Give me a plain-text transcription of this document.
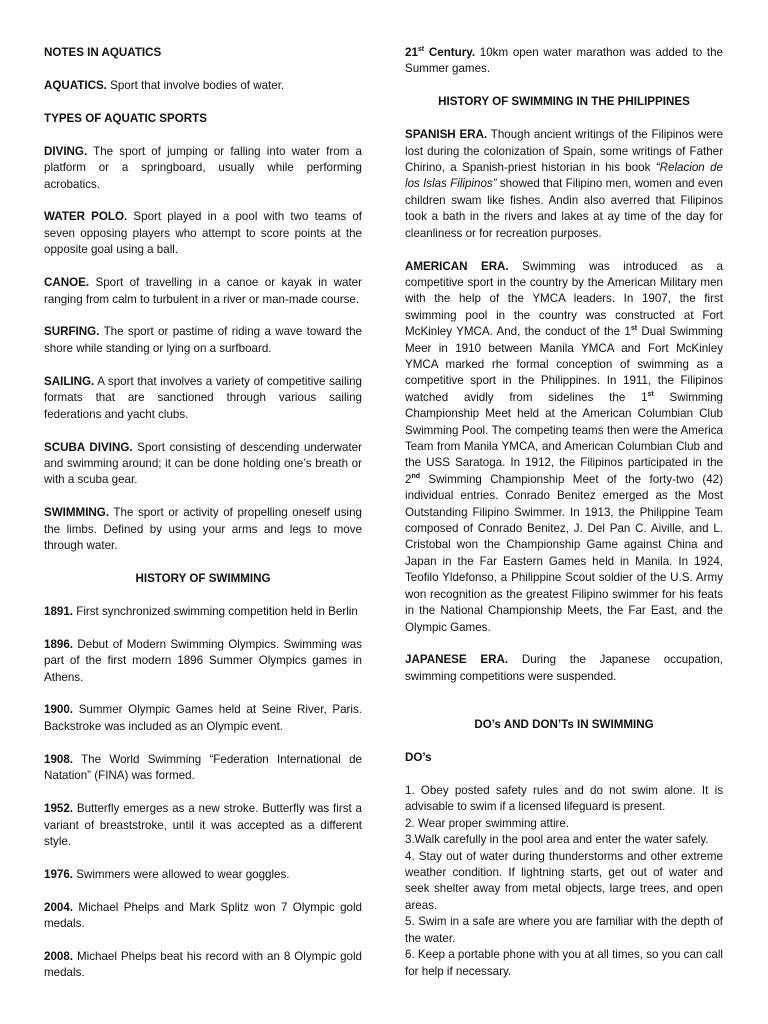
NOTES IN AQUATICS

AQUATICS. Sport that involve bodies of water.

TYPES OF AQUATIC SPORTS

DIVING. The sport of jumping or falling into water from a platform or a springboard, usually while performing acrobatics.

WATER POLO. Sport played in a pool with two teams of seven opposing players who attempt to score points at the opposite goal using a ball.

CANOE. Sport of travelling in a canoe or kayak in water ranging from calm to turbulent in a river or man-made course.

SURFING. The sport or pastime of riding a wave toward the shore while standing or lying on a surfboard.

SAILING. A sport that involves a variety of competitive sailing formats that are sanctioned through various sailing federations and yacht clubs.

SCUBA DIVING. Sport consisting of descending underwater and swimming around; it can be done holding one’s breath or with a scuba gear.

SWIMMING. The sport or activity of propelling oneself using the limbs. Defined by using your arms and legs to move through water.

HISTORY OF SWIMMING

1891. First synchronized swimming competition held in Berlin

1896. Debut of Modern Swimming Olympics. Swimming was part of the first modern 1896 Summer Olympics games in Athens.

1900. Summer Olympic Games held at Seine River, Paris. Backstroke was included as an Olympic event.

1908. The World Swimming “Federation International de Natation” (FINA) was formed.

1952. Butterfly emerges as a new stroke. Butterfly was first a variant of breaststroke, until it was accepted as a different style.

1976. Swimmers were allowed to wear goggles.

2004. Michael Phelps and Mark Splitz won 7 Olympic gold medals.

2008. Michael Phelps beat his record with an 8 Olympic gold medals.

21st Century. 10km open water marathon was added to the Summer games.

HISTORY OF SWIMMING IN THE PHILIPPINES

SPANISH ERA. Though ancient writings of the Filipinos were lost during the colonization of Spain, some writings of Father Chirino, a Spanish-priest historian in his book “Relacion de los Islas Filipinos” showed that Filipino men, women and even children swam like fishes. Andin also averred that Filipinos took a bath in the rivers and lakes at ay time of the day for cleanliness or for recreation purposes.

AMERICAN ERA. Swimming was introduced as a competitive sport in the country by the American Military men with the help of the YMCA leaders. In 1907, the first swimming pool in the country was constructed at Fort McKinley YMCA. And, the conduct of the 1st Dual Swimming Meer in 1910 between Manila YMCA and Fort McKinley YMCA marked rhe formal conception of swimming as a competitive sport in the Philippines. In 1911, the Filipinos watched avidly from sidelines the 1st Swimming Championship Meet held at the American Columbian Club Swimming Pool. The competing teams then were the America Team from Manila YMCA, and American Columbian Club and the USS Saratoga. In 1912, the Filipinos participated in the 2nd Swimming Championship Meet of the forty-two (42) individual entries. Conrado Benitez emerged as the Most Outstanding Filipino Swimmer. In 1913, the Philippine Team composed of Conrado Benitez, J. Del Pan C. Aiville, and L. Cristobal won the Championship Game against China and Japan in the Far Eastern Games held in Manila. In 1924, Teofilo Yldefonso, a Philippine Scout soldier of the U.S. Army won recognition as the greatest Filipino swimmer for his feats in the National Championship Meets, the Far East, and the Olympic Games.

JAPANESE ERA. During the Japanese occupation, swimming competitions were suspended.

DO’s AND DON’Ts IN SWIMMING

DO’s

1. Obey posted safety rules and do not swim alone. It is advisable to swim if a licensed lifeguard is present.

2. Wear proper swimming attire.

3.Walk carefully in the pool area and enter the water safely.

4. Stay out of water during thunderstorms and other extreme weather condition. If lightning starts, get out of water and seek shelter away from metal objects, large trees, and open areas.

5. Swim in a safe are where you are familiar with the depth of the water.

6. Keep a portable phone with you at all times, so you can call for help if necessary.
